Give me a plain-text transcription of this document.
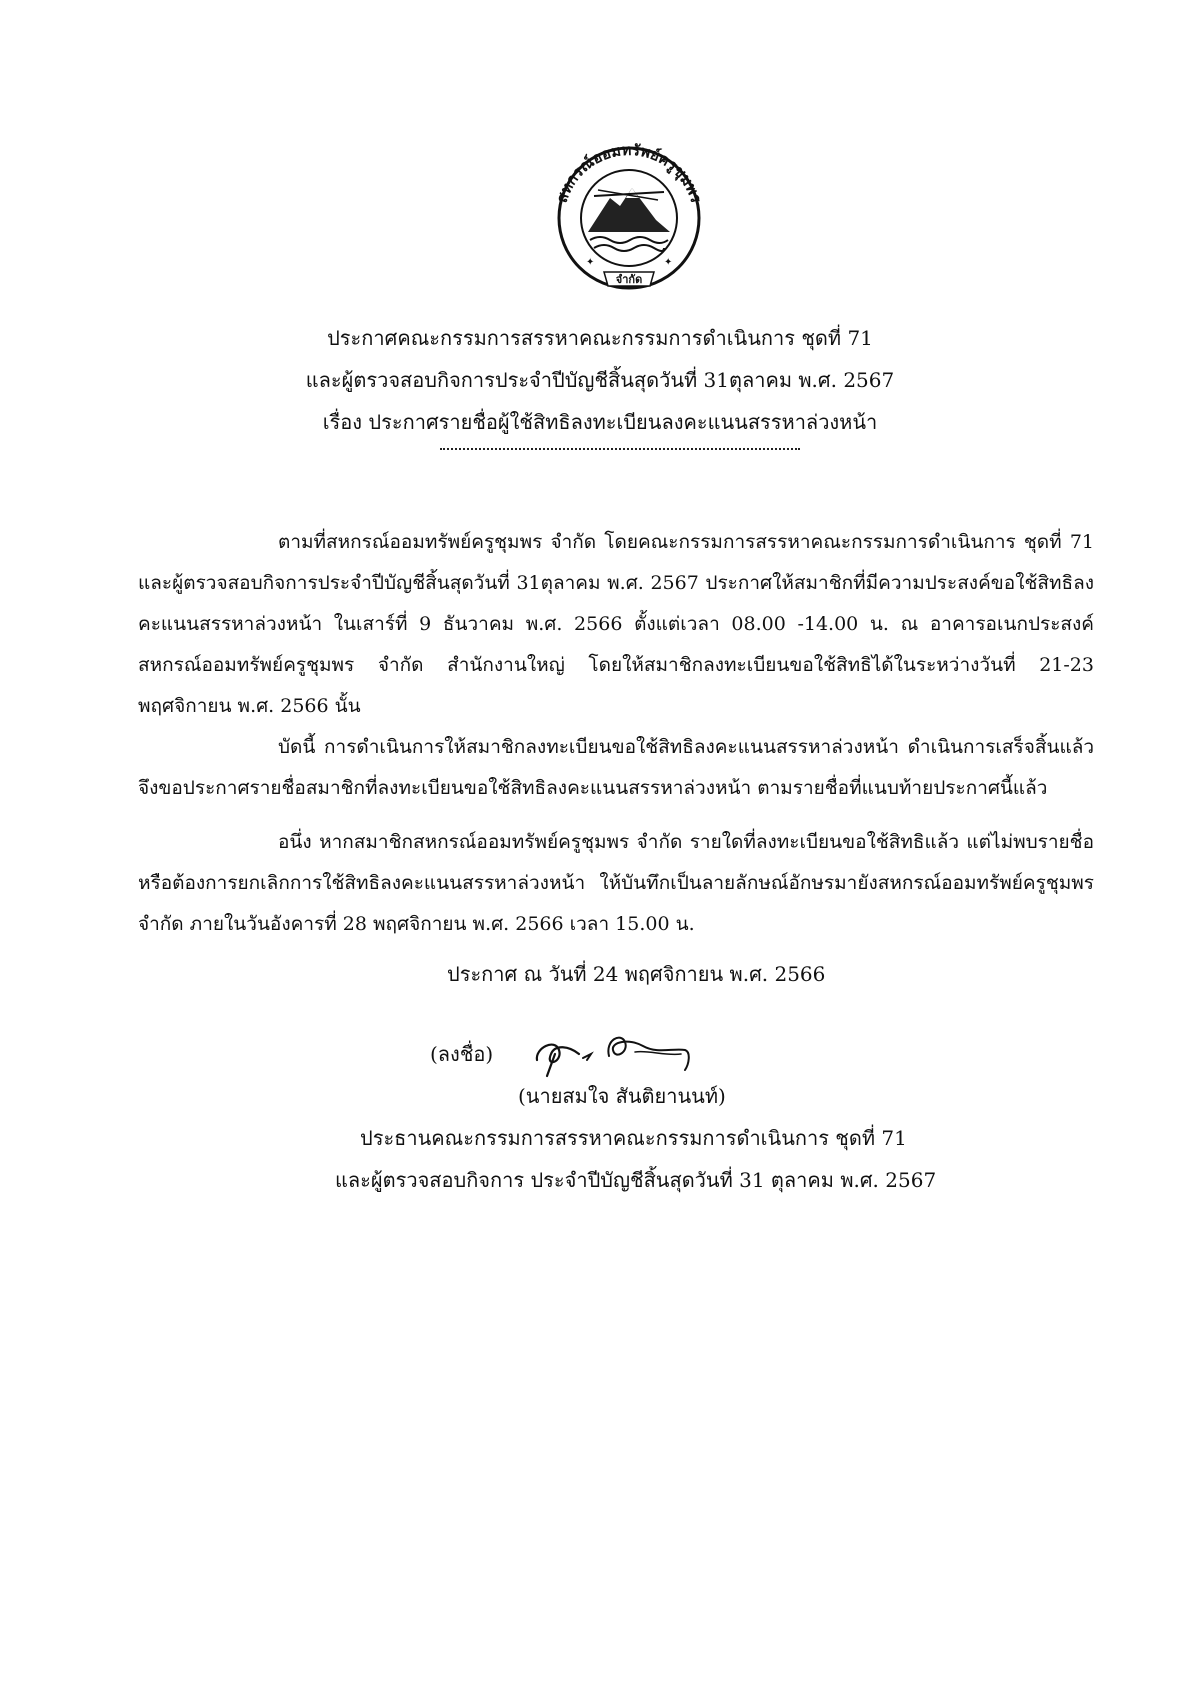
สหกรณ์ออมทรัพย์ครูชุมพร
✦	✦
จำกัด
ประกาศคณะกรรมการสรรหาคณะกรรมการดำเนินการ ชุดที่ 71
และผู้ตรวจสอบกิจการประจำปีบัญชีสิ้นสุดวันที่ 31ตุลาคม พ.ศ. 2567
เรื่อง ประกาศรายชื่อผู้ใช้สิทธิลงทะเบียนลงคะแนนสรรหาล่วงหน้า

ตามที่สหกรณ์ออมทรัพย์ครูชุมพร จำกัด โดยคณะกรรมการสรรหาคณะกรรมการดำเนินการ ชุดที่ 71 และผู้ตรวจสอบกิจการประจำปีบัญชีสิ้นสุดวันที่ 31ตุลาคม พ.ศ. 2567 ประกาศให้สมาชิกที่มีความประสงค์ขอใช้สิทธิลงคะแนนสรรหาล่วงหน้า ในเสาร์ที่ 9 ธันวาคม พ.ศ. 2566 ตั้งแต่เวลา 08.00 -14.00 น. ณ อาคารอเนกประสงค์สหกรณ์ออมทรัพย์ครูชุมพร จำกัด สำนักงานใหญ่ โดยให้สมาชิกลงทะเบียนขอใช้สิทธิได้ในระหว่างวันที่ 21-23 พฤศจิกายน พ.ศ. 2566 นั้น

บัดนี้ การดำเนินการให้สมาชิกลงทะเบียนขอใช้สิทธิลงคะแนนสรรหาล่วงหน้า ดำเนินการเสร็จสิ้นแล้ว จึงขอประกาศรายชื่อสมาชิกที่ลงทะเบียนขอใช้สิทธิลงคะแนนสรรหาล่วงหน้า ตามรายชื่อที่แนบท้ายประกาศนี้แล้ว

อนึ่ง หากสมาชิกสหกรณ์ออมทรัพย์ครูชุมพร จำกัด รายใดที่ลงทะเบียนขอใช้สิทธิแล้ว แต่ไม่พบรายชื่อ หรือต้องการยกเลิกการใช้สิทธิลงคะแนนสรรหาล่วงหน้า ให้บันทึกเป็นลายลักษณ์อักษรมายังสหกรณ์ออมทรัพย์ครูชุมพร จำกัด ภายในวันอังคารที่ 28 พฤศจิกายน พ.ศ. 2566 เวลา 15.00 น.

ประกาศ ณ วันที่ 24 พฤศจิกายน พ.ศ. 2566
(ลงชื่อ)
(นายสมใจ สันติยานนท์)
ประธานคณะกรรมการสรรหาคณะกรรมการดำเนินการ ชุดที่ 71
และผู้ตรวจสอบกิจการ ประจำปีบัญชีสิ้นสุดวันที่ 31 ตุลาคม พ.ศ. 2567
